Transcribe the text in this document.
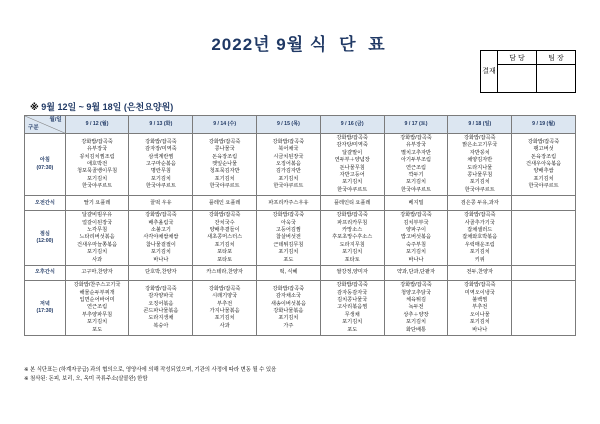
2022년 9월 식 단 표
결재	담 당	팀 장

※ 9월 12일 ~ 9월 18일 (은천요양원)
월/일
구분	9 / 12 (월)	9 / 13 (화)	9 / 14 (수)	9 / 15 (목)	9 / 16 (금)	9 / 17 (토)	9 / 18 (일)	9 / 19 (월)
아침
(07:30)	강화밥/잡곡죽
유부장국
꽁치김치찜조림
애호박전
청포묵골뱅이무침
포기김치
한국야쿠르트	강화밥/잡곡죽
감자장/미역죽
삼색계란찜
고구마순볶음
명란무침
포기김치
한국야쿠르트	강화밥/잡곡죽
콩나물국
돈육장조림
깻잎순나물
청포묵김자반
포기김치
한국야쿠르트	강화밥/잡곡죽
북어채국
시금치된장국
오징어볶음
김가김자반
포기김치
한국야쿠르트	강화밥/잡곡죽
감자탕/미역죽
달걀말이
연두부＋양념장
돈나물무침
자반고등어
포기김치
한국야쿠르트	강화밥/잡곡죽
유부장국
멸치고추자반
아기두부조림
연근조림
깍두기
포기김치
한국야쿠르트	강화밥/잡곡죽
맑은소고기무국
자반꽁치
채양김자반
도라지나물
콩나물무침
포기김치
한국야쿠르트	강화밥/잡곡죽
팽고버섯
돈육장조림
건새우아욱볶음
양배추쌈
포기김치
한국야쿠르트
오전간식	딸기 요플레	꿀떡 우유	플레인 요플레	파프리카주스우유	플레인티 요플레	베지밀	검은콩 두유,과자	
점심
(12:00)	달걀비빔우유
얼갈이된장국
노각무침
느타리버섯볶음
건새우마늘쫑볶음
포기김치
사과	강화밥/잡곡죽
배추올림국
소불고기
사각야채쌈채쌈
참나물겉절이
포기김치
바나나	강화밥/잡곡죽
잔치국수
양배추곁들이
새초콩머스터스
포기김치
포타포
포타토	강화밥/잡곡죽
아욱국
고등어김찜
찹살버섯전
근데튀김무침
포기김치
포도	강화밥/잡곡죽
파프리카무침
카망소스
후포초망수후소스
도라지무침
포기김치
포타토	강화밥/잡곡죽
김치부부국
양파구이
밥고버섯볶음
숙주부침
포기김치
바나나	강화밥/잡곡죽
사골추가기국
잡채샐러드
잡채와호박볶음
우럭매운조림
포기김치
키위	
오후간식	고구마,찬양자	단호박,찬양자	카스테라,찬양자	떡, 식혜	쌀강정,양미자	약과,단과,단팥자	전두,찬양자	
저녁
(17:30)	강화밥/찬주스고기국
해물순두부찌개
입면순어바어미
연근조림
부추양파무침
포기김치
포도	강화밥/잡곡죽
감자양파국
오징어볶음
콘드파나물볶음
도라지생채
복숭아	강화밥/잡곡죽
시래기양국
부추전
가지나물볶음
포기김치
사과	강화밥/잡곡죽
감자채소국
새송이버섯볶음
강화나물볶음
포기김치
가주	강화밥/잡곡죽
감자동감자국
김치콩나물국
고사리볶음찜
무생채
포기김치
포도	강화밥/잡곡죽
청양고추닭국
체육튀김
녹두전
상추＋양장
포기김치
화단배통	강화밥/잡곡죽
미역오이냉국
불백찜
부추전
오이나물
포기김치
바나나	
※ 본 식단표는 (하계자공급) 과의 협의으로, 영양사에 의해 작성되었으며, 기관의 사정에 따라 변동 될 수 있음
※ 첨삭된: 돈피, 보리, 오, 옥미 곡류주소(살콜완) 한함
